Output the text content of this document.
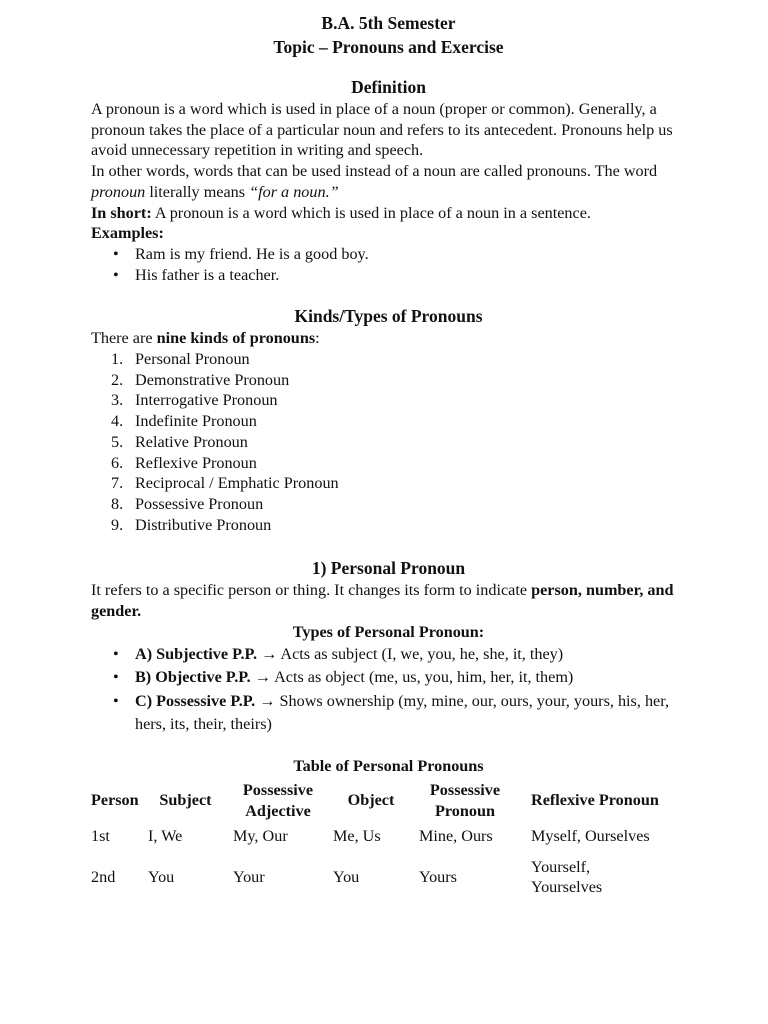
B.A. 5th Semester
Topic – Pronouns and Exercise
Definition

A pronoun is a word which is used in place of a noun (proper or common). Generally, a pronoun takes the place of a particular noun and refers to its antecedent. Pronouns help us avoid unnecessary repetition in writing and speech.

In other words, words that can be used instead of a noun are called pronouns. The word pronoun literally means “for a noun.”

In short: A pronoun is a word which is used in place of a noun in a sentence.

Examples:

• Ram is my friend. He is a good boy.
• His father is a teacher.
Kinds/Types of Pronouns

There are nine kinds of pronouns:

1. Personal Pronoun
2. Demonstrative Pronoun
3. Interrogative Pronoun
4. Indefinite Pronoun
5. Relative Pronoun
6. Reflexive Pronoun
7. Reciprocal / Emphatic Pronoun
8. Possessive Pronoun
9. Distributive Pronoun
1) Personal Pronoun

It refers to a specific person or thing. It changes its form to indicate person, number, and gender.

Types of Personal Pronoun:
• A) Subjective P.P. → Acts as subject (I, we, you, he, she, it, they)
• B) Objective P.P. → Acts as object (me, us, you, him, her, it, them)
• C) Possessive P.P. → Shows ownership (my, mine, our, ours, your, yours, his, her, hers, its, their, theirs)
Table of Personal Pronouns
Person	Subject	Possessive Adjective	Object	Possessive Pronoun	Reflexive Pronoun
1st	I, We	My, Our	Me, Us	Mine, Ours	Myself, Ourselves
2nd	You	Your	You	Yours	Yourself, Yourselves
